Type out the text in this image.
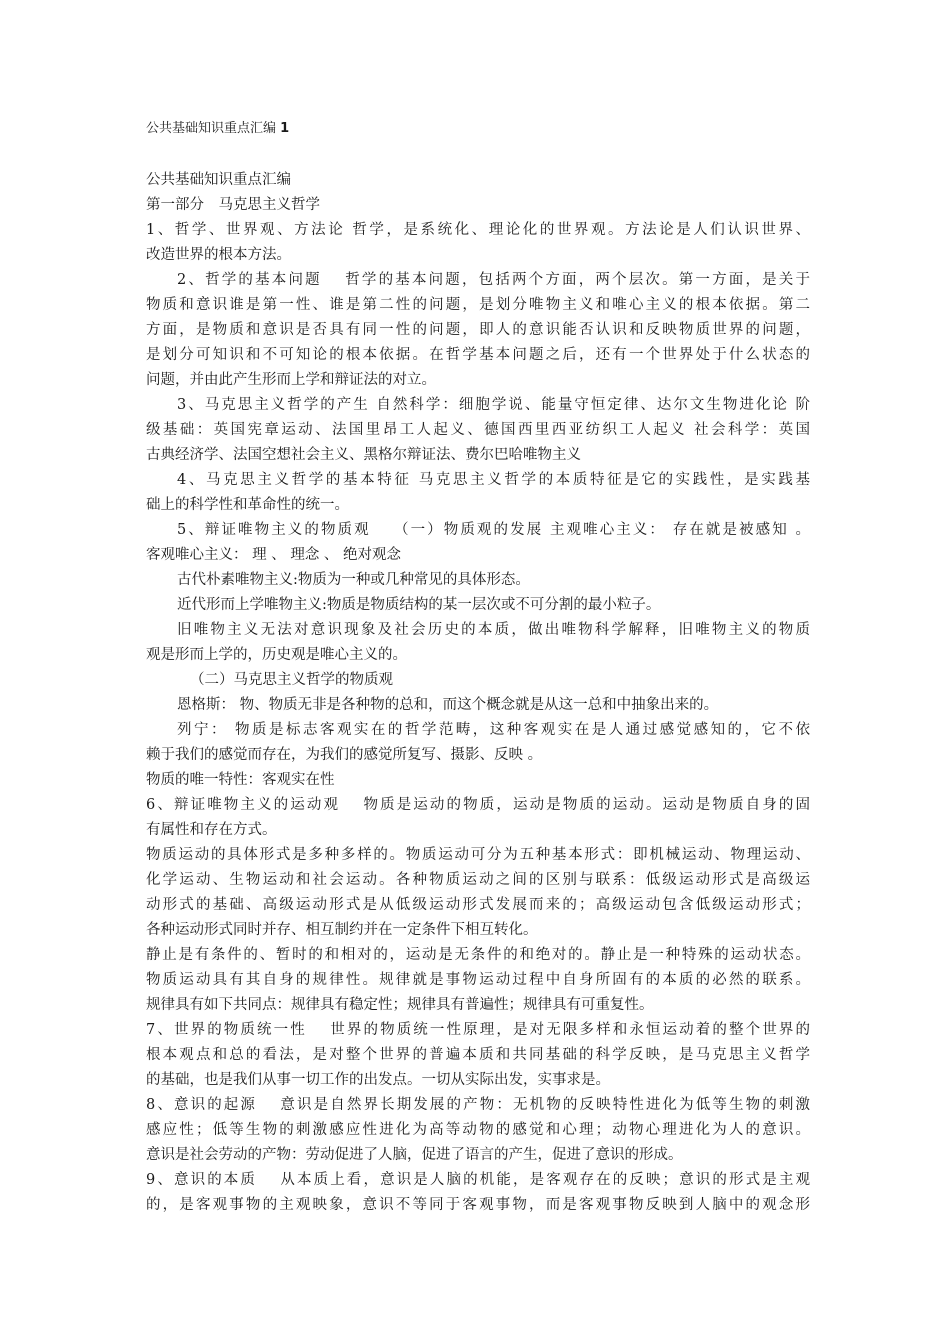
公共基础知识重点汇编 1
公共基础知识重点汇编
第一部分　马克思主义哲学
1、哲学、世界观、方法论 哲学，是系统化、理论化的世界观。方法论是人们认识世界、
改造世界的根本方法。
2、哲学的基本问题　 哲学的基本问题，包括两个方面，两个层次。第一方面，是关于
物质和意识谁是第一性、谁是第二性的问题，是划分唯物主义和唯心主义的根本依据。第二
方面，是物质和意识是否具有同一性的问题，即人的意识能否认识和反映物质世界的问题，
是划分可知识和不可知论的根本依据。在哲学基本问题之后，还有一个世界处于什么状态的
问题，并由此产生形而上学和辩证法的对立。
3、马克思主义哲学的产生 自然科学：细胞学说、能量守恒定律、达尔文生物进化论 阶
级基础：英国宪章运动、法国里昂工人起义、德国西里西亚纺织工人起义 社会科学：英国
古典经济学、法国空想社会主义、黑格尔辩证法、费尔巴哈唯物主义
4、马克思主义哲学的基本特征 马克思主义哲学的本质特征是它的实践性，是实践基
础上的科学性和革命性的统一。
5、辩证唯物主义的物质观　 （一）物质观的发展 主观唯心主义： 存在就是被感知 。
客观唯心主义： 理 、 理念 、 绝对观念
古代朴素唯物主义:物质为一种或几种常见的具体形态。
近代形而上学唯物主义:物质是物质结构的某一层次或不可分割的最小粒子。
旧唯物主义无法对意识现象及社会历史的本质，做出唯物科学解释，旧唯物主义的物质
观是形而上学的，历史观是唯心主义的。
（二）马克思主义哲学的物质观
恩格斯： 物、物质无非是各种物的总和，而这个概念就是从这一总和中抽象出来的。
列宁： 物质是标志客观实在的哲学范畴，这种客观实在是人通过感觉感知的，它不依
赖于我们的感觉而存在，为我们的感觉所复写、摄影、反映 。
物质的唯一特性：客观实在性
6、辩证唯物主义的运动观　 物质是运动的物质，运动是物质的运动。运动是物质自身的固
有属性和存在方式。
物质运动的具体形式是多种多样的。物质运动可分为五种基本形式：即机械运动、物理运动、
化学运动、生物运动和社会运动。各种物质运动之间的区别与联系：低级运动形式是高级运
动形式的基础、高级运动形式是从低级运动形式发展而来的；高级运动包含低级运动形式；
各种运动形式同时并存、相互制约并在一定条件下相互转化。
静止是有条件的、暂时的和相对的，运动是无条件的和绝对的。静止是一种特殊的运动状态。
物质运动具有其自身的规律性。规律就是事物运动过程中自身所固有的本质的必然的联系。
规律具有如下共同点：规律具有稳定性；规律具有普遍性；规律具有可重复性。
7、世界的物质统一性　 世界的物质统一性原理，是对无限多样和永恒运动着的整个世界的
根本观点和总的看法，是对整个世界的普遍本质和共同基础的科学反映，是马克思主义哲学
的基础，也是我们从事一切工作的出发点。一切从实际出发，实事求是。
8、意识的起源　 意识是自然界长期发展的产物：无机物的反映特性进化为低等生物的刺激
感应性；低等生物的刺激感应性进化为高等动物的感觉和心理；动物心理进化为人的意识。
意识是社会劳动的产物：劳动促进了人脑，促进了语言的产生，促进了意识的形成。
9、意识的本质　 从本质上看，意识是人脑的机能，是客观存在的反映；意识的形式是主观
的，是客观事物的主观映象，意识不等同于客观事物，而是客观事物反映到人脑中的观念形
